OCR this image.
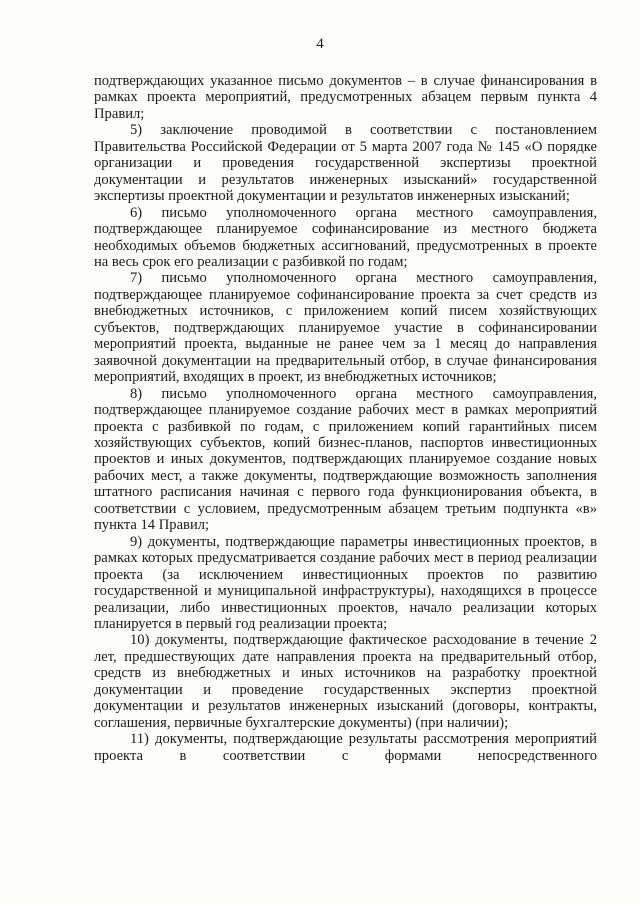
4

подтверждающих указанное письмо документов – в случае финансирования в рамках проекта мероприятий, предусмотренных абзацем первым пункта 4 Правил;

5) заключение проводимой в соответствии с постановлением Правительства Российской Федерации от 5 марта 2007 года № 145 «О порядке организации и проведения государственной экспертизы проектной документации и результатов инженерных изысканий» государственной экспертизы проектной документации и результатов инженерных изысканий;

6) письмо уполномоченного органа местного самоуправления, подтверждающее планируемое софинансирование из местного бюджета необходимых объемов бюджетных ассигнований, предусмотренных в проекте на весь срок его реализации с разбивкой по годам;

7) письмо уполномоченного органа местного самоуправления, подтверждающее планируемое софинансирование проекта за счет средств из внебюджетных источников, с приложением копий писем хозяйствующих субъектов, подтверждающих планируемое участие в софинансировании мероприятий проекта, выданные не ранее чем за 1 месяц до направления заявочной документации на предварительный отбор, в случае финансирования мероприятий, входящих в проект, из внебюджетных источников;

8) письмо уполномоченного органа местного самоуправления, подтверждающее планируемое создание рабочих мест в рамках мероприятий проекта с разбивкой по годам, с приложением копий гарантийных писем хозяйствующих субъектов, копий бизнес-планов, паспортов инвестиционных проектов и иных документов, подтверждающих планируемое создание новых рабочих мест, а также документы, подтверждающие возможность заполнения штатного расписания начиная с первого года функционирования объекта, в соответствии с условием, предусмотренным абзацем третьим подпункта «в» пункта 14 Правил;

9) документы, подтверждающие параметры инвестиционных проектов, в рамках которых предусматривается создание рабочих мест в период реализации проекта (за исключением инвестиционных проектов по развитию государственной и муниципальной инфраструктуры), находящихся в процессе реализации, либо инвестиционных проектов, начало реализации которых планируется в первый год реализации проекта;

10) документы, подтверждающие фактическое расходование в течение 2 лет, предшествующих дате направления проекта на предварительный отбор, средств из внебюджетных и иных источников на разработку проектной документации и проведение государственных экспертиз проектной документации и результатов инженерных изысканий (договоры, контракты, соглашения, первичные бухгалтерские документы) (при наличии);

11) документы, подтверждающие результаты рассмотрения мероприятий проекта в соответствии с формами непосредственного
